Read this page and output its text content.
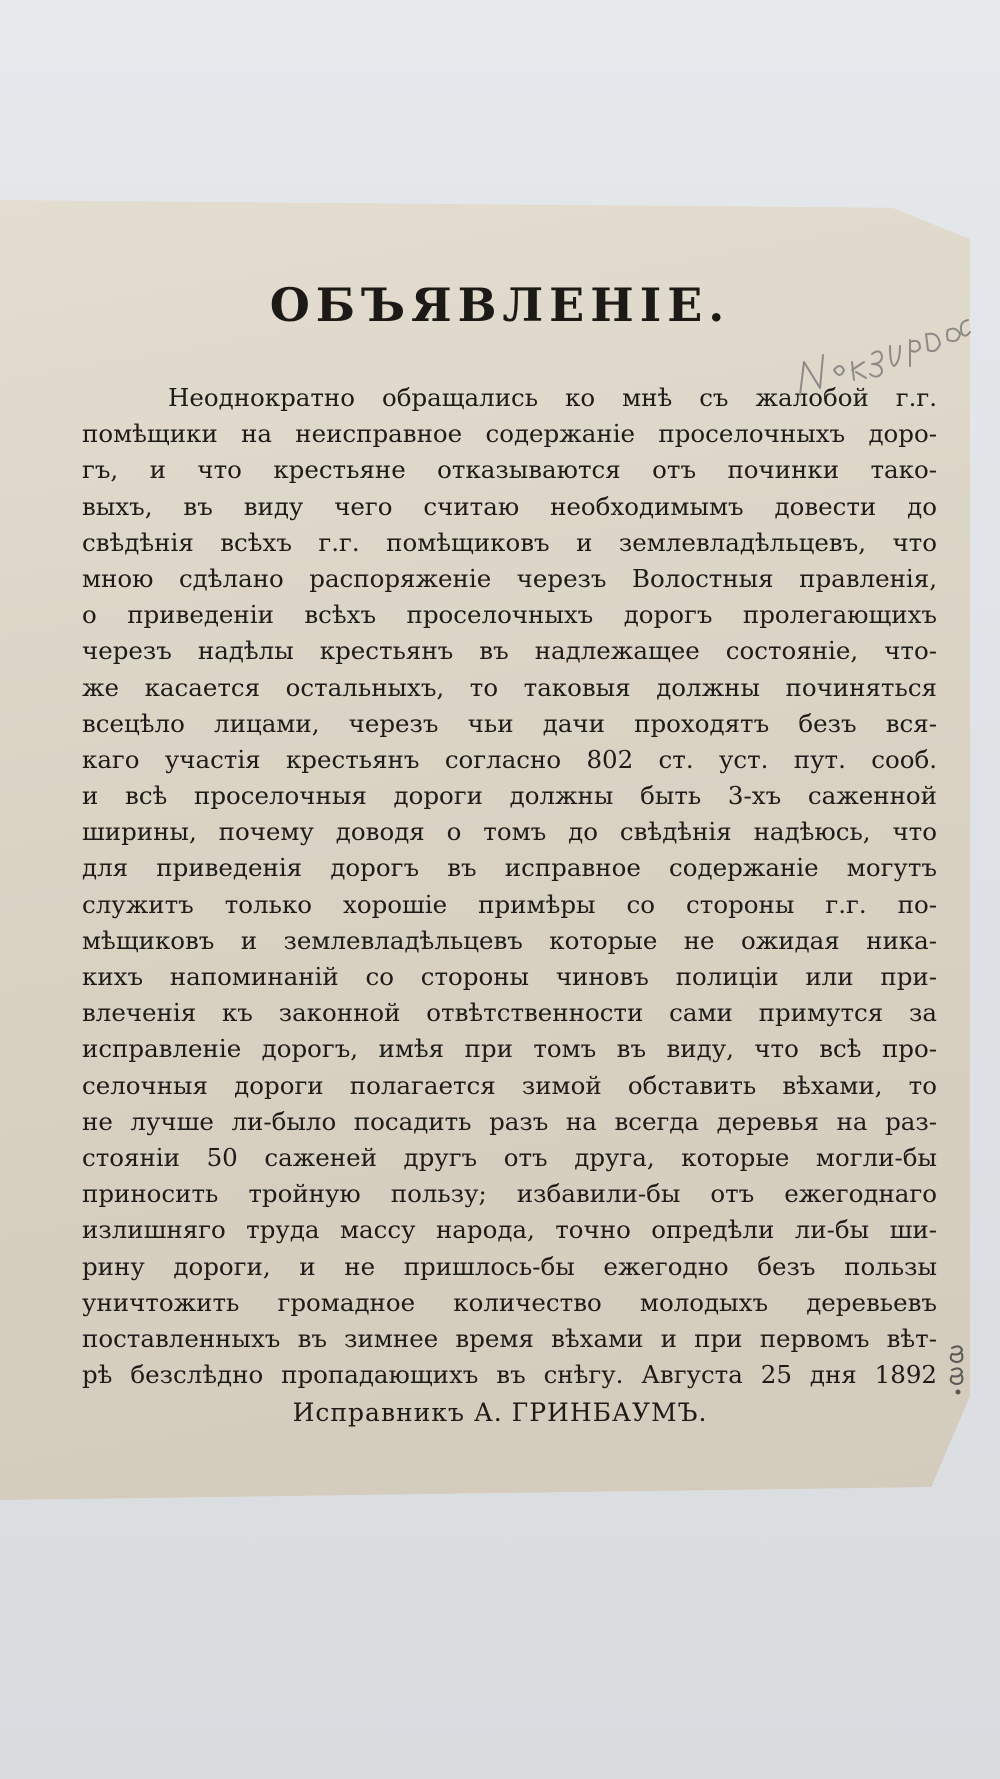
ОБЪЯВЛЕНІЕ.
Неоднократно обращались ко мнѣ съ жалобой г.г.
помѣщики на неисправное содержаніе проселочныхъ доро-
гъ, и что крестьяне отказываются отъ починки тако-
выхъ, въ виду чего считаю необходимымъ довести до
свѣдѣнія всѣхъ г.г. помѣщиковъ и землевладѣльцевъ, что
мною сдѣлано распоряженіе черезъ Волостныя правленія,
о приведеніи всѣхъ проселочныхъ дорогъ пролегающихъ
черезъ надѣлы крестьянъ въ надлежащее состояніе, что-
же касается остальныхъ, то таковыя должны починяться
всецѣло лицами, черезъ чьи дачи проходятъ безъ вся-
каго участія крестьянъ согласно 802 ст. уст. пут. сооб.
и всѣ проселочныя дороги должны быть 3-хъ саженной
ширины, почему доводя о томъ до свѣдѣнія надѣюсь, что
для приведенія дорогъ въ исправное содержаніе могутъ
служитъ только хорошіе примѣры со стороны г.г. по-
мѣщиковъ и землевладѣльцевъ которые не ожидая ника-
кихъ напоминаній со стороны чиновъ полиціи или при-
влеченія къ законной отвѣтственности сами примутся за
исправленіе дорогъ, имѣя при томъ въ виду, что всѣ про-
селочныя дороги полагается зимой обставить вѣхами, то
не лучше ли-было посадить разъ на всегда деревья на раз-
стояніи 50 саженей другъ отъ друга, которые могли-бы
приносить тройную пользу; избавили-бы отъ ежегоднаго
излишняго труда массу народа, точно опредѣли ли-бы ши-
рину дороги, и не пришлось-бы ежегодно безъ пользы
уничтожить громадное количество молодыхъ деревьевъ
поставленныхъ въ зимнее время вѣхами и при первомъ вѣт-
рѣ безслѣдно пропадающихъ въ снѣгу. Августа 25 дня 1892
Исправникъ А. ГРИНБАУМЪ.
